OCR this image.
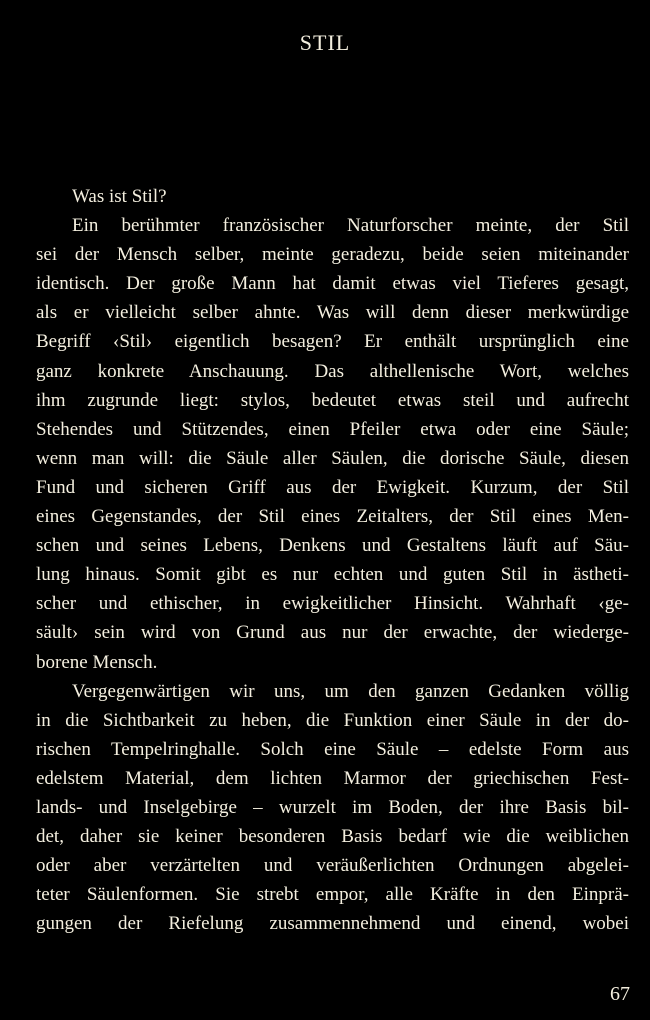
STIL
Was ist Stil?
Ein berühmter französischer Naturforscher meinte, der Stil
sei der Mensch selber, meinte geradezu, beide seien miteinander
identisch. Der große Mann hat damit etwas viel Tieferes gesagt,
als er vielleicht selber ahnte. Was will denn dieser merkwürdige
Begriff ‹Stil› eigentlich besagen? Er enthält ursprünglich eine
ganz konkrete Anschauung. Das althellenische Wort, welches
ihm zugrunde liegt: stylos, bedeutet etwas steil und aufrecht
Stehendes und Stützendes, einen Pfeiler etwa oder eine Säule;
wenn man will: die Säule aller Säulen, die dorische Säule, diesen
Fund und sicheren Griff aus der Ewigkeit. Kurzum, der Stil
eines Gegenstandes, der Stil eines Zeitalters, der Stil eines Men-
schen und seines Lebens, Denkens und Gestaltens läuft auf Säu-
lung hinaus. Somit gibt es nur echten und guten Stil in ästheti-
scher und ethischer, in ewigkeitlicher Hinsicht. Wahrhaft ‹ge-
säult› sein wird von Grund aus nur der erwachte, der wiederge-
borene Mensch.
Vergegenwärtigen wir uns, um den ganzen Gedanken völlig
in die Sichtbarkeit zu heben, die Funktion einer Säule in der do-
rischen Tempelringhalle. Solch eine Säule – edelste Form aus
edelstem Material, dem lichten Marmor der griechischen Fest-
lands- und Inselgebirge – wurzelt im Boden, der ihre Basis bil-
det, daher sie keiner besonderen Basis bedarf wie die weiblichen
oder aber verzärtelten und veräußerlichten Ordnungen abgelei-
teter Säulenformen. Sie strebt empor, alle Kräfte in den Einprä-
gungen der Riefelung zusammennehmend und einend, wobei
67
